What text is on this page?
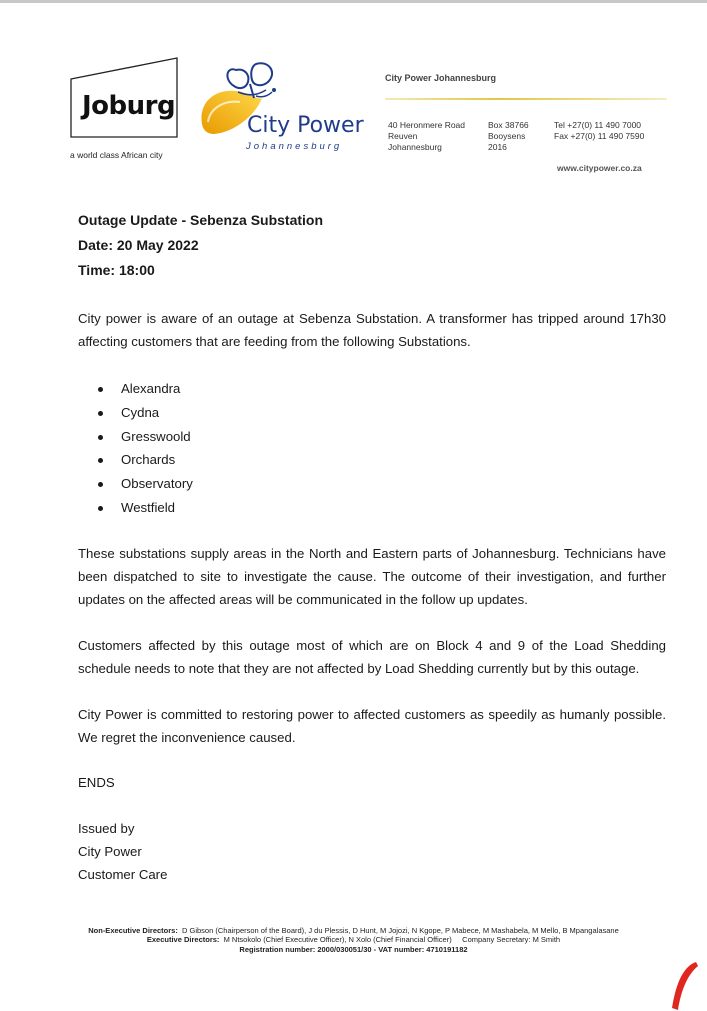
Joburg
a world class African city
City Power
Johannesburg
City Power Johannesburg
40 Heronmere Road
Reuven
Johannesburg
Box 38766
Booysens
2016
Tel +27(0) 11 490 7000
Fax +27(0) 11 490 7590
www.citypower.co.za
Outage Update - Sebenza Substation
Date: 20 May 2022
Time: 18:00
City power is aware of an outage at Sebenza Substation. A transformer has tripped around 17h30 affecting customers that are feeding from the following Substations.
Alexandra
Cydna
Gresswoold
Orchards
Observatory
Westfield
These substations supply areas in the North and Eastern parts of Johannesburg. Technicians have been dispatched to site to investigate the cause. The outcome of their investigation, and further updates on the affected areas will be communicated in the follow up updates.
Customers affected by this outage most of which are on Block 4 and 9 of the Load Shedding schedule needs to note that they are not affected by Load Shedding currently but by this outage.
City Power is committed to restoring power to affected customers as speedily as humanly possible. We regret the inconvenience caused.
ENDS
Issued by
City Power
Customer Care
Non-Executive Directors: D Gibson (Chairperson of the Board), J du Plessis, D Hunt, M Jojozi, N Kgope, P Mabece, M Mashabela, M Mello, B Mpangalasane
Executive Directors: M Ntsokolo (Chief Executive Officer), N Xolo (Chief Financial Officer) Company Secretary: M Smith
Registration number: 2000/030051/30 - VAT number: 4710191182
